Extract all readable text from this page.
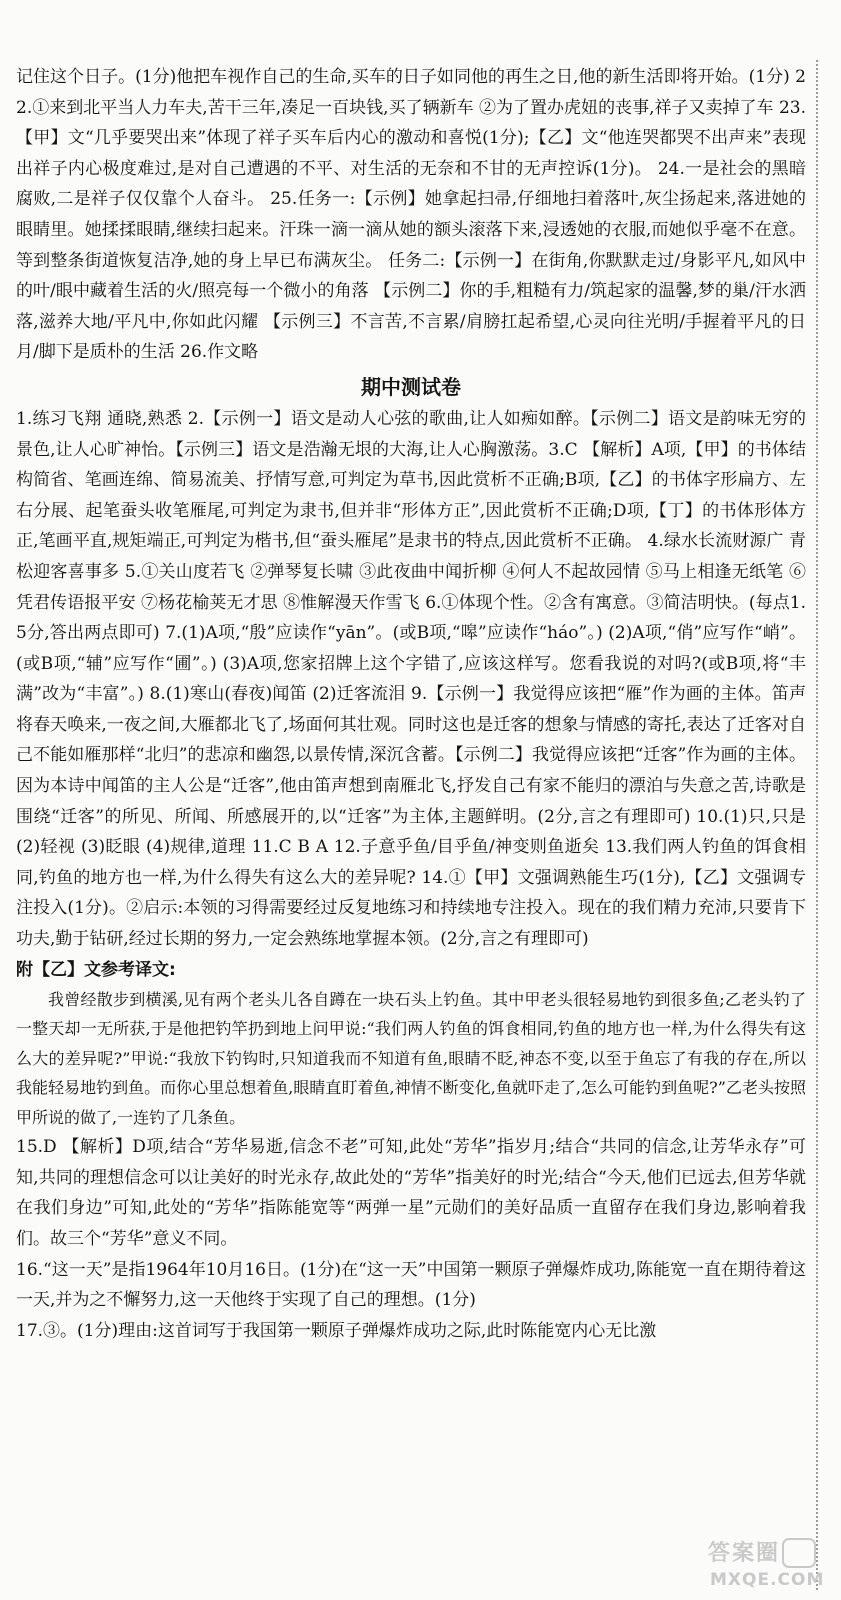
记住这个日子。(1分)他把车视作自己的生命,买车的日子如同他的再生之日,他的新生活即将开始。(1分) 22.①来到北平当人力车夫,苦干三年,凑足一百块钱,买了辆新车 ②为了置办虎妞的丧事,祥子又卖掉了车 23.【甲】文“几乎要哭出来”体现了祥子买车后内心的激动和喜悦(1分);【乙】文“他连哭都哭不出声来”表现出祥子内心极度难过,是对自己遭遇的不平、对生活的无奈和不甘的无声控诉(1分)。 24.一是社会的黑暗腐败,二是祥子仅仅靠个人奋斗。 25.任务一:【示例】她拿起扫帚,仔细地扫着落叶,灰尘扬起来,落进她的眼睛里。她揉揉眼睛,继续扫起来。汗珠一滴一滴从她的额头滚落下来,浸透她的衣服,而她似乎毫不在意。等到整条街道恢复洁净,她的身上早已布满灰尘。 任务二:【示例一】在街角,你默默走过/身影平凡,如风中的叶/眼中藏着生活的火/照亮每一个微小的角落 【示例二】你的手,粗糙有力/筑起家的温馨,梦的巢/汗水洒落,滋养大地/平凡中,你如此闪耀 【示例三】不言苦,不言累/肩膀扛起希望,心灵向往光明/手握着平凡的日月/脚下是质朴的生活 26.作文略

期中测试卷

1.练习飞翔 通晓,熟悉 2.【示例一】语文是动人心弦的歌曲,让人如痴如醉。【示例二】语文是韵味无穷的景色,让人心旷神怡。【示例三】语文是浩瀚无垠的大海,让人心胸激荡。3.C 【解析】A项,【甲】的书体结构简省、笔画连绵、简易流美、抒情写意,可判定为草书,因此赏析不正确;B项,【乙】的书体字形扁方、左右分展、起笔蚕头收笔雁尾,可判定为隶书,但并非“形体方正”,因此赏析不正确;D项,【丁】的书体形体方正,笔画平直,规矩端正,可判定为楷书,但“蚕头雁尾”是隶书的特点,因此赏析不正确。 4.绿水长流财源广 青松迎客喜事多 5.①关山度若飞 ②弹琴复长啸 ③此夜曲中闻折柳 ④何人不起故园情 ⑤马上相逢无纸笔 ⑥凭君传语报平安 ⑦杨花榆荚无才思 ⑧惟解漫天作雪飞 6.①体现个性。②含有寓意。③简洁明快。(每点1.5分,答出两点即可) 7.(1)A项,“殷”应读作“yān”。(或B项,“嗥”应读作“háo”。) (2)A项,“俏”应写作“峭”。(或B项,“辅”应写作“圃”。) (3)A项,您家招牌上这个字错了,应该这样写。您看我说的对吗?(或B项,将“丰满”改为“丰富”。) 8.(1)寒山(春夜)闻笛 (2)迁客流泪 9.【示例一】我觉得应该把“雁”作为画的主体。笛声将春天唤来,一夜之间,大雁都北飞了,场面何其壮观。同时这也是迁客的想象与情感的寄托,表达了迁客对自己不能如雁那样“北归”的悲凉和幽怨,以景传情,深沉含蓄。【示例二】我觉得应该把“迁客”作为画的主体。因为本诗中闻笛的主人公是“迁客”,他由笛声想到南雁北飞,抒发自己有家不能归的漂泊与失意之苦,诗歌是围绕“迁客”的所见、所闻、所感展开的,以“迁客”为主体,主题鲜明。(2分,言之有理即可) 10.(1)只,只是 (2)轻视 (3)眨眼 (4)规律,道理 11.C B A 12.子意乎鱼/目乎鱼/神变则鱼逝矣 13.我们两人钓鱼的饵食相同,钓鱼的地方也一样,为什么得失有这么大的差异呢? 14.①【甲】文强调熟能生巧(1分),【乙】文强调专注投入(1分)。②启示:本领的习得需要经过反复地练习和持续地专注投入。现在的我们精力充沛,只要肯下功夫,勤于钻研,经过长期的努力,一定会熟练地掌握本领。(2分,言之有理即可)

附【乙】文参考译文:

我曾经散步到横溪,见有两个老头儿各自蹲在一块石头上钓鱼。其中甲老头很轻易地钓到很多鱼;乙老头钓了一整天却一无所获,于是他把钓竿扔到地上问甲说:“我们两人钓鱼的饵食相同,钓鱼的地方也一样,为什么得失有这么大的差异呢?”甲说:“我放下钓钩时,只知道我而不知道有鱼,眼睛不眨,神态不变,以至于鱼忘了有我的存在,所以我能轻易地钓到鱼。而你心里总想着鱼,眼睛直盯着鱼,神情不断变化,鱼就吓走了,怎么可能钓到鱼呢?”乙老头按照甲所说的做了,一连钓了几条鱼。

15.D 【解析】D项,结合“芳华易逝,信念不老”可知,此处“芳华”指岁月;结合“共同的信念,让芳华永存”可知,共同的理想信念可以让美好的时光永存,故此处的“芳华”指美好的时光;结合“今天,他们已远去,但芳华就在我们身边”可知,此处的“芳华”指陈能宽等“两弹一星”元勋们的美好品质一直留存在我们身边,影响着我们。故三个“芳华”意义不同。

16.“这一天”是指1964年10月16日。(1分)在“这一天”中国第一颗原子弹爆炸成功,陈能宽一直在期待着这一天,并为之不懈努力,这一天他终于实现了自己的理想。(1分)

17.③。(1分)理由:这首词写于我国第一颗原子弹爆炸成功之际,此时陈能宽内心无比激

答案圈
MXQE.COM
